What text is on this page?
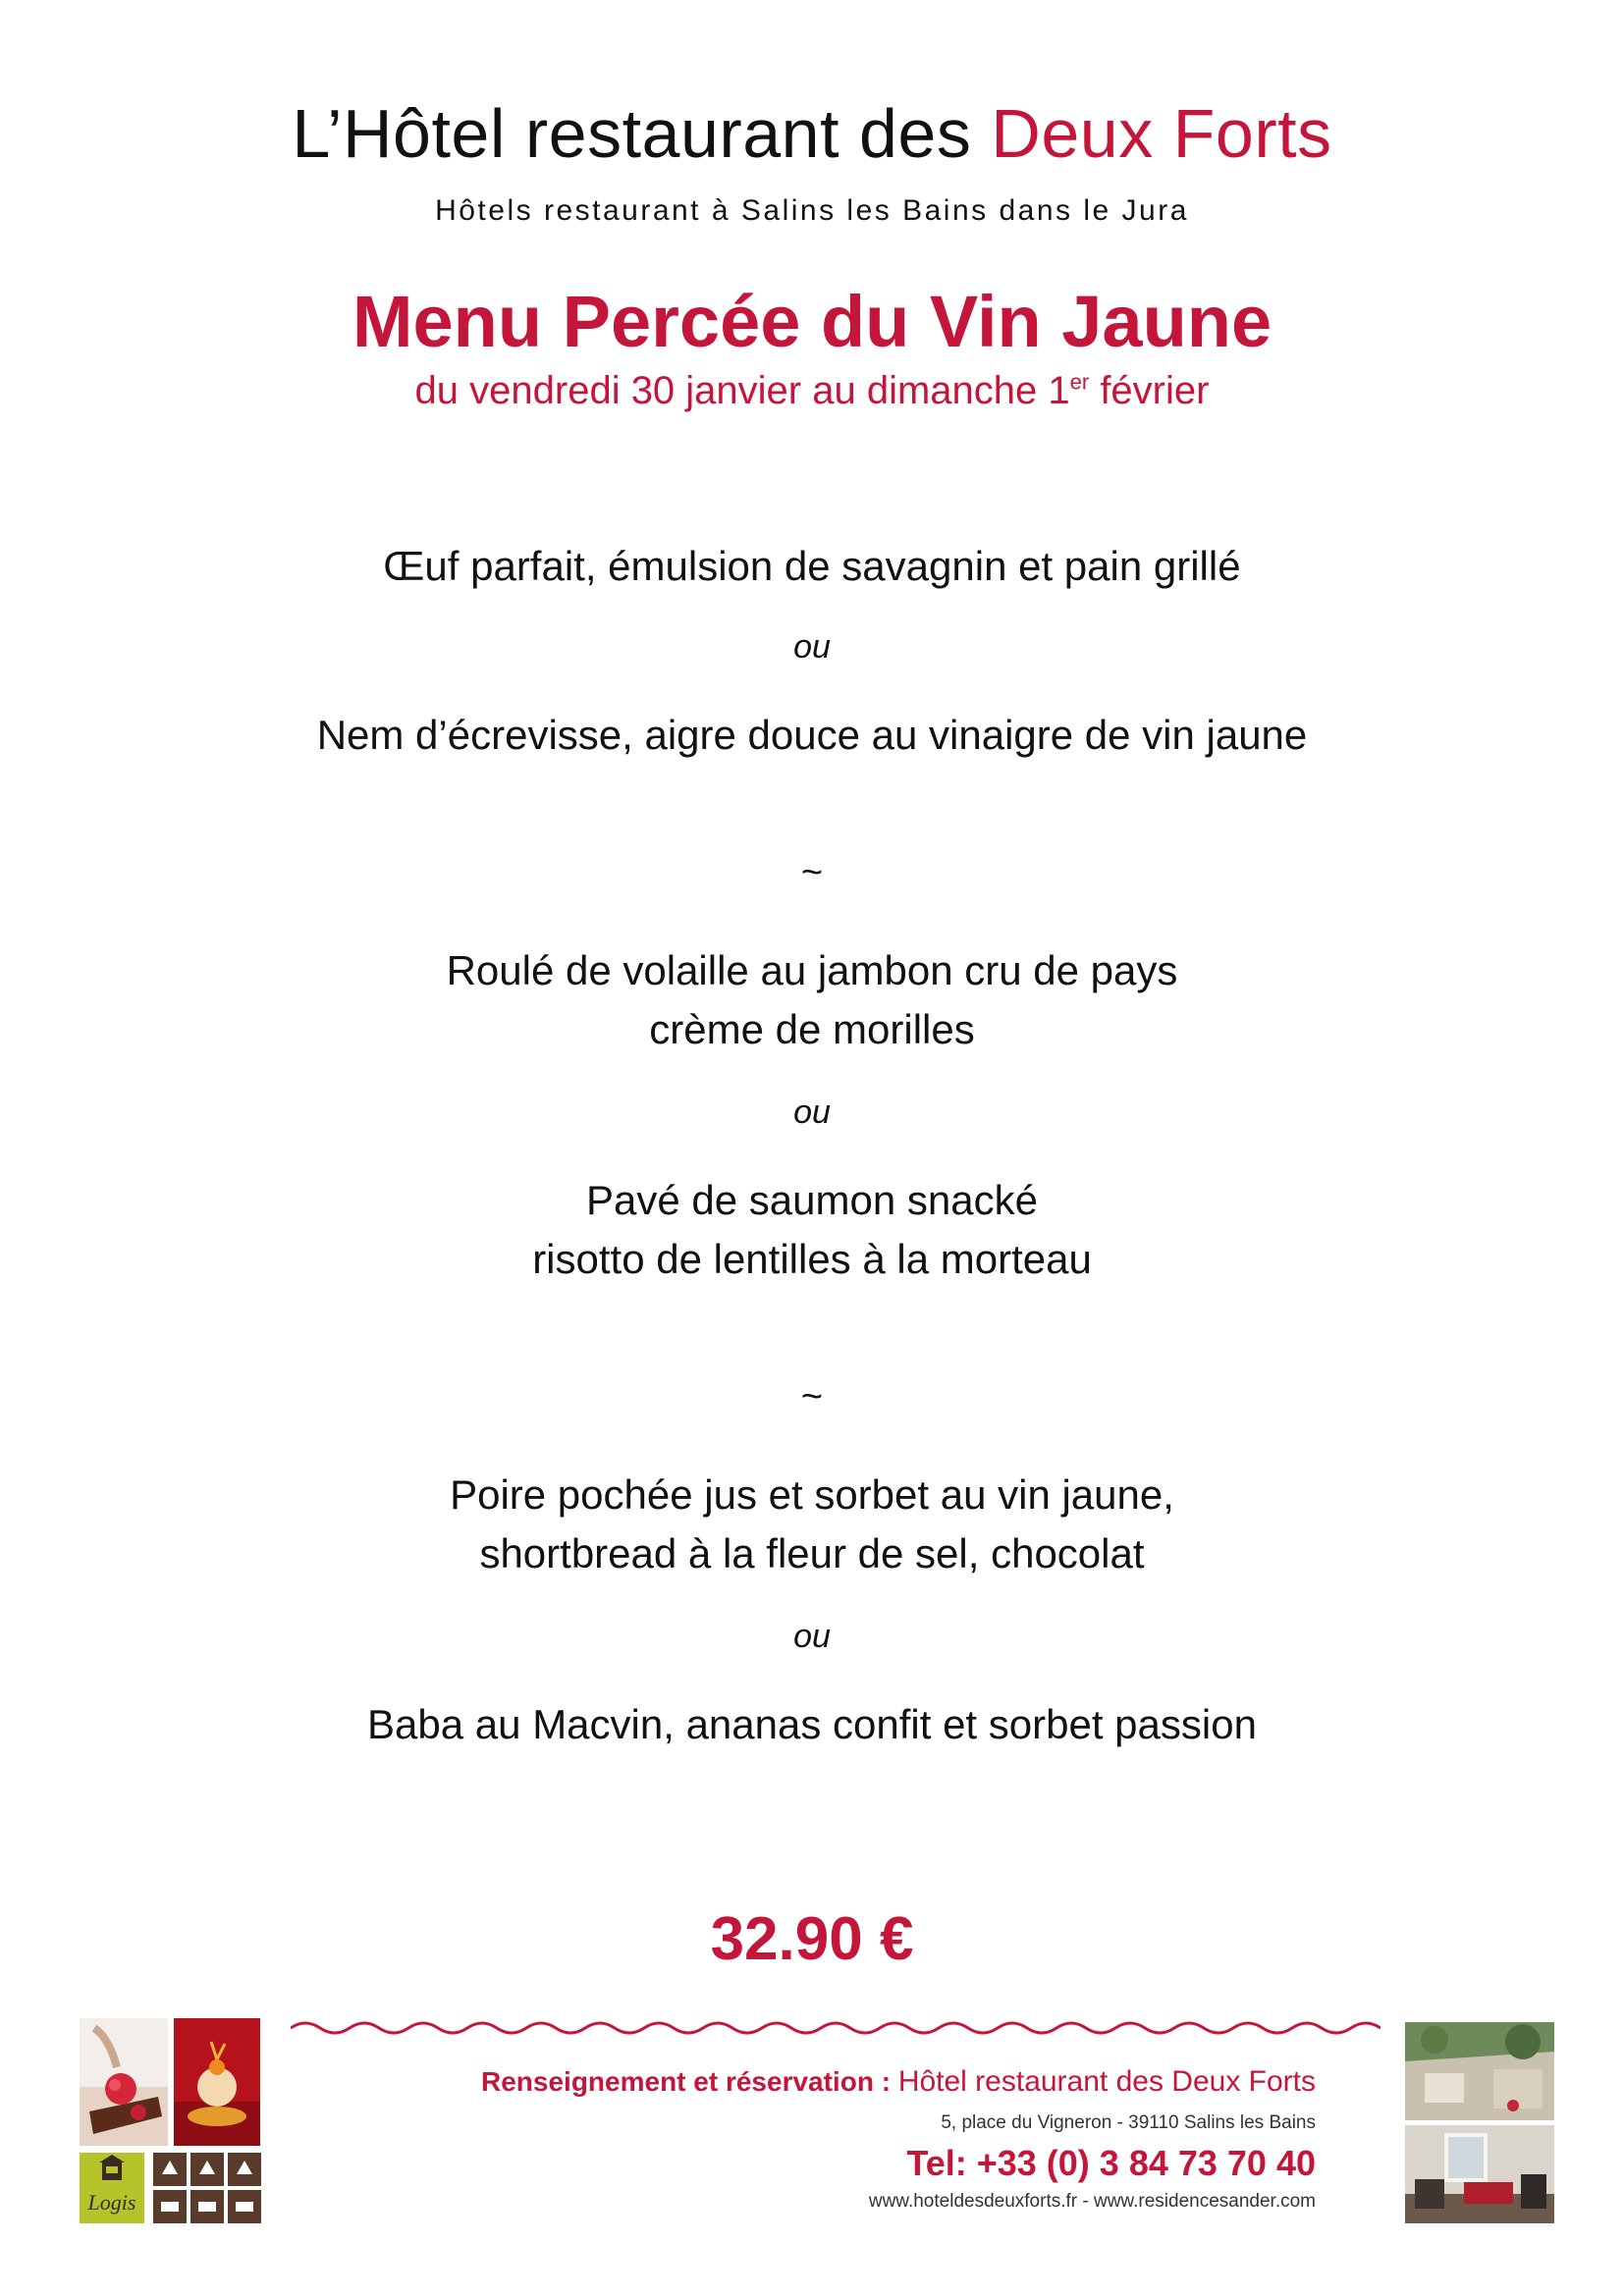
L’Hôtel restaurant des Deux Forts
Hôtels restaurant à Salins les Bains dans le Jura
Menu Percée du Vin Jaune
du vendredi 30 janvier au dimanche 1er février
Œuf parfait, émulsion de savagnin et pain grillé
ou
Nem d’écrevisse, aigre douce au vinaigre de vin jaune
~
Roulé de volaille au jambon cru de pays
crème de morilles
ou
Pavé de saumon snacké
risotto de lentilles à la morteau
~
Poire pochée jus et sorbet au vin jaune,
shortbread à la fleur de sel, chocolat
ou
Baba au Macvin, ananas confit et sorbet passion
32.90 €
Logis
Renseignement et réservation : Hôtel restaurant des Deux Forts
5, place du Vigneron - 39110 Salins les Bains
Tel: +33 (0) 3 84 73 70 40
www.hoteldesdeuxforts.fr - www.residencesander.com
